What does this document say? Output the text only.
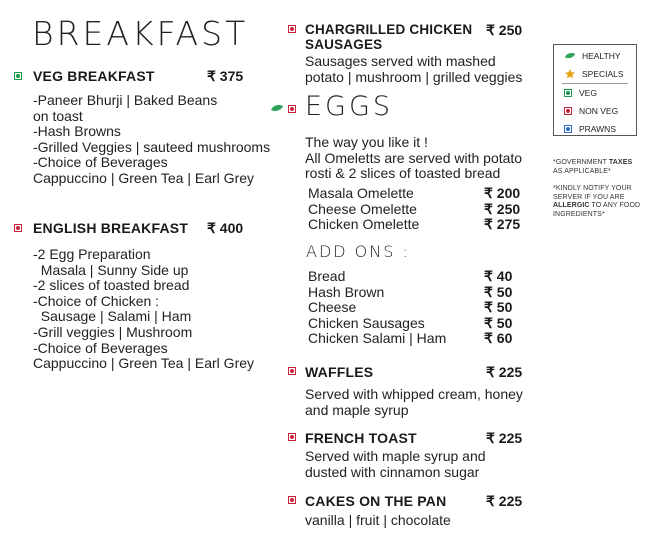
BREAKFAST
VEG BREAKFAST	₹ 375
-Paneer Bhurji | Baked Beans
on toast
-Hash Browns
-Grilled Veggies | sauteed mushrooms
-Choice of Beverages
Cappuccino | Green Tea | Earl Grey
ENGLISH BREAKFAST ₹ 400
-2 Egg Preparation
Masala | Sunny Side up
-2 slices of toasted bread
-Choice of Chicken :
Sausage | Salami | Ham
-Grill veggies | Mushroom
-Choice of Beverages
Cappuccino | Green Tea | Earl Grey
CHARGRILLED CHICKEN
SAUSAGES
₹ 250
Sausages served with mashed
potato | mushroom | grilled veggies
EGGS
The way you like it !
All Omeletts are served with potato
rosti & 2 slices of toasted bread
Masala Omelette	₹ 200
Cheese Omelette	₹ 250
Chicken Omelette	₹ 275
ADD ONS :
Bread	₹ 40
Hash Brown	₹ 50
Cheese	₹ 50
Chicken Sausages	₹ 50
Chicken Salami | Ham	₹ 60
WAFFLES	₹ 225
Served with whipped cream, honey
and maple syrup
FRENCH TOAST	₹ 225
Served with maple syrup and
dusted with cinnamon sugar
CAKES ON THE PAN	₹ 225
vanilla | fruit | chocolate
HEALTHY
SPECIALS
VEG
NON VEG
PRAWNS
*GOVERNMENT TAXES
AS APPLICABLE*
*KINDLY NOTIFY YOUR
SERVER IF YOU ARE
ALLERGIC TO ANY FOOD
INGREDIENTS*
